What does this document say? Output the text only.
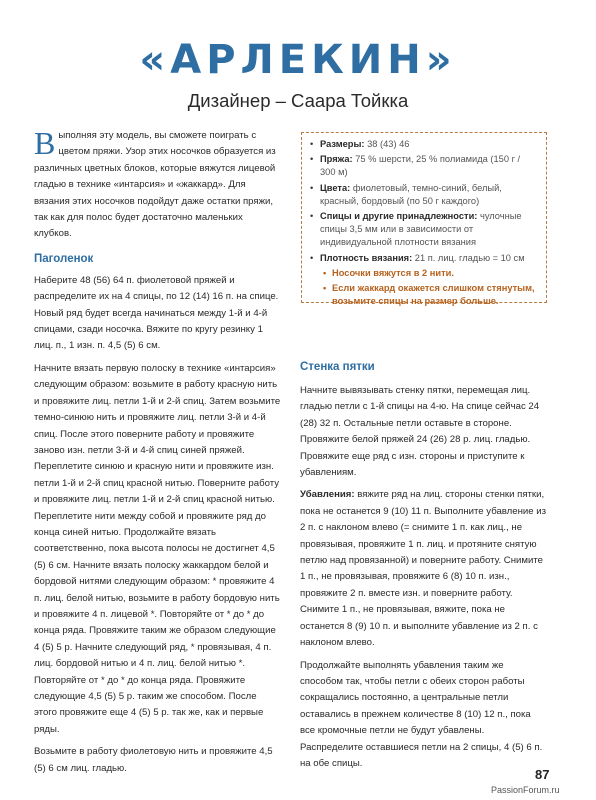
«АРЛЕКИН»
Дизайнер – Саара Тойкка

Выполняя эту модель, вы сможете поиграть с цветом пряжи. Узор этих носочков образуется из различных цветных блоков, которые вяжутся лицевой гладью в технике «интарсия» и «жаккард». Для вязания этих носочков подойдут даже остатки пряжи, так как для полос будет достаточно маленьких клубков.

Паголенок

Наберите 48 (56) 64 п. фиолетовой пряжей и распределите их на 4 спицы, по 12 (14) 16 п. на спице. Новый ряд будет всегда начинаться между 1-й и 4-й спицами, сзади носочка. Вяжите по кругу резинку 1 лиц. п., 1 изн. п. 4,5 (5) 6 см.

Начните вязать первую полоску в технике «интарсия» следующим образом: возьмите в работу красную нить и провяжите лиц. петли 1-й и 2-й спиц. Затем возьмите темно-синюю нить и провяжите лиц. петли 3-й и 4-й спиц. После этого поверните работу и провяжите заново изн. петли 3-й и 4-й спиц синей пряжей. Переплетите синюю и красную нити и провяжите изн. петли 1-й и 2-й спиц красной нитью. Поверните работу и провяжите лиц. петли 1-й и 2-й спиц красной нитью. Переплетите нити между собой и провяжите ряд до конца синей нитью. Продолжайте вязать соответственно, пока высота полосы не достигнет 4,5 (5) 6 см. Начните вязать полоску жаккардом белой и бордовой нитями следующим образом: * провяжите 4 п. лиц. белой нитью, возьмите в работу бордовую нить и провяжите 4 п. лицевой *. Повторяйте от * до * до конца ряда. Провяжите таким же образом следующие 4 (5) 5 р. Начните следующий ряд, * провязывая, 4 п. лиц. бордовой нитью и 4 п. лиц. белой нитью *. Повторяйте от * до * до конца ряда. Провяжите следующие 4,5 (5) 5 р. таким же способом. После этого провяжите еще 4 (5) 5 р. так же, как и первые ряды.

Возьмите в работу фиолетовую нить и провяжите 4,5 (5) 6 см лиц. гладью.

• Размеры: 38 (43) 46
• Пряжа: 75 % шерсти, 25 % полиамида (150 г / 300 м)
• Цвета: фиолетовый, темно-синий, белый, красный, бордовый (по 50 г каждого)
• Спицы и другие принадлежности: чулочные спицы 3,5 мм или в зависимости от индивидуальной плотности вязания
• Плотность вязания: 21 п. лиц. гладью = 10 см
• Носочки вяжутся в 2 нити.
• Если жаккард окажется слишком стянутым, возьмите спицы на размер больше.
Стенка пятки

Начните вывязывать стенку пятки, перемещая лиц. гладью петли с 1-й спицы на 4-ю. На спице сейчас 24 (28) 32 п. Остальные петли оставьте в стороне. Провяжите белой пряжей 24 (26) 28 р. лиц. гладью. Провяжите еще ряд с изн. стороны и приступите к убавлениям.

Убавления: вяжите ряд на лиц. стороны стенки пятки, пока не останется 9 (10) 11 п. Выполните убавление из 2 п. с наклоном влево (= снимите 1 п. как лиц., не провязывая, провяжите 1 п. лиц. и протяните снятую петлю над провязанной) и поверните работу. Снимите 1 п., не провязывая, провяжите 6 (8) 10 п. изн., провяжите 2 п. вместе изн. и поверните работу. Снимите 1 п., не провязывая, вяжите, пока не останется 8 (9) 10 п. и выполните убавление из 2 п. с наклоном влево.

Продолжайте выполнять убавления таким же способом так, чтобы петли с обеих сторон работы сокращались постоянно, а центральные петли оставались в прежнем количестве 8 (10) 12 п., пока все кромочные петли не будут убавлены. Распределите оставшиеся петли на 2 спицы, 4 (5) 6 п. на обе спицы.

87
PassionForum.ru
